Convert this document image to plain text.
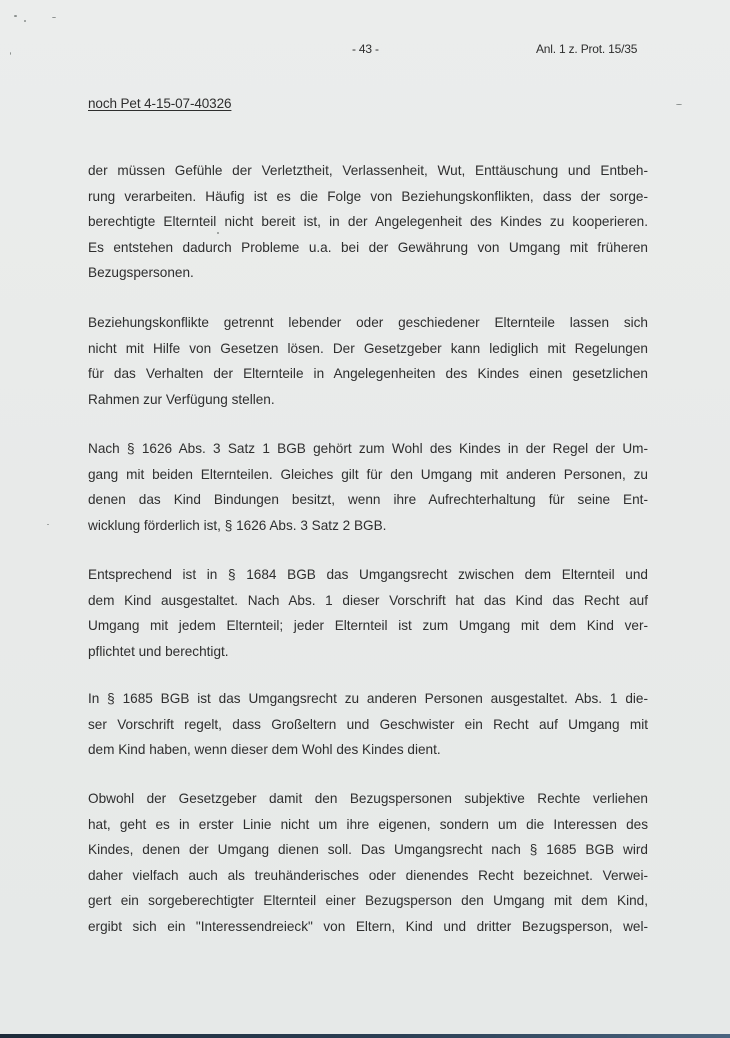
- 43 -	Anl. 1 z. Prot. 15/35
noch Pet 4-15-07-40326
der müssen Gefühle der Verletztheit, Verlassenheit, Wut, Enttäuschung und Entbeh-
rung verarbeiten. Häufig ist es die Folge von Beziehungskonflikten, dass der sorge-
berechtigte Elternteil nicht bereit ist, in der Angelegenheit des Kindes zu kooperieren.
Es entstehen dadurch Probleme u.a. bei der Gewährung von Umgang mit früheren
Bezugspersonen.
Beziehungskonflikte getrennt lebender oder geschiedener Elternteile lassen sich
nicht mit Hilfe von Gesetzen lösen. Der Gesetzgeber kann lediglich mit Regelungen
für das Verhalten der Elternteile in Angelegenheiten des Kindes einen gesetzlichen
Rahmen zur Verfügung stellen.
Nach § 1626 Abs. 3 Satz 1 BGB gehört zum Wohl des Kindes in der Regel der Um-
gang mit beiden Elternteilen. Gleiches gilt für den Umgang mit anderen Personen, zu
denen das Kind Bindungen besitzt, wenn ihre Aufrechterhaltung für seine Ent-
wicklung förderlich ist, § 1626 Abs. 3 Satz 2 BGB.
Entsprechend ist in § 1684 BGB das Umgangsrecht zwischen dem Elternteil und
dem Kind ausgestaltet. Nach Abs. 1 dieser Vorschrift hat das Kind das Recht auf
Umgang mit jedem Elternteil; jeder Elternteil ist zum Umgang mit dem Kind ver-
pflichtet und berechtigt.
In § 1685 BGB ist das Umgangsrecht zu anderen Personen ausgestaltet. Abs. 1 die-
ser Vorschrift regelt, dass Großeltern und Geschwister ein Recht auf Umgang mit
dem Kind haben, wenn dieser dem Wohl des Kindes dient.
Obwohl der Gesetzgeber damit den Bezugspersonen subjektive Rechte verliehen
hat, geht es in erster Linie nicht um ihre eigenen, sondern um die Interessen des
Kindes, denen der Umgang dienen soll. Das Umgangsrecht nach § 1685 BGB wird
daher vielfach auch als treuhänderisches oder dienendes Recht bezeichnet. Verwei-
gert ein sorgeberechtigter Elternteil einer Bezugsperson den Umgang mit dem Kind,
ergibt sich ein "Interessendreieck" von Eltern, Kind und dritter Bezugsperson, wel-
